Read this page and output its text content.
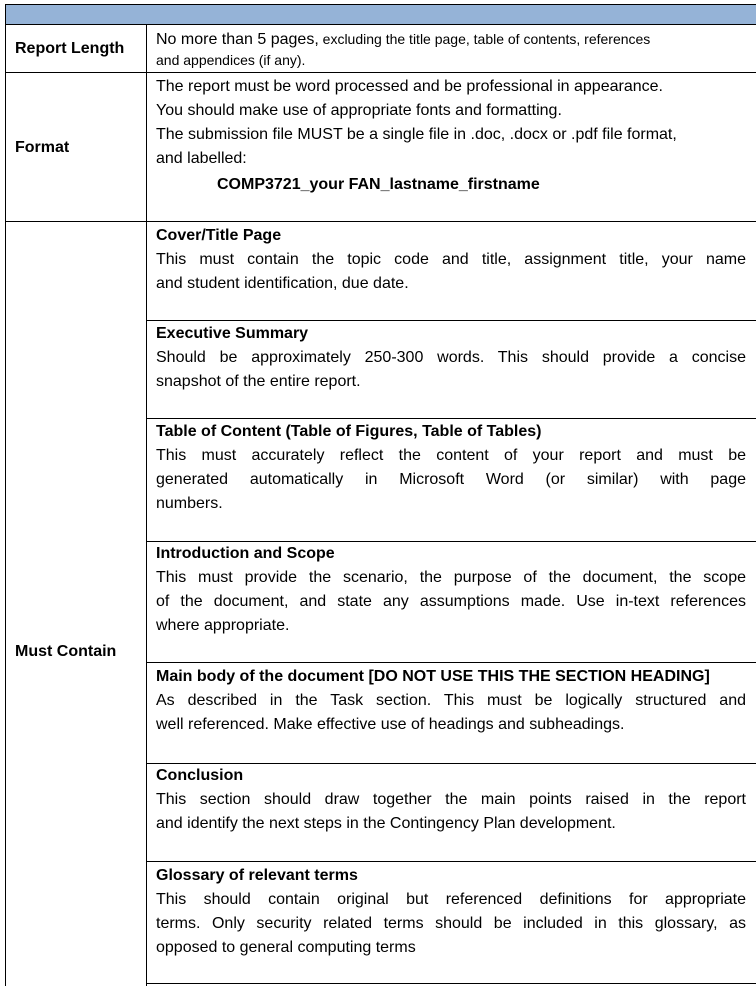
Report Length
No more than 5 pages, excluding the title page, table of contents, references
and appendices (if any).
Format
The report must be word processed and be professional in appearance.
You should make use of appropriate fonts and formatting.
The submission file MUST be a single file in .doc, .docx or .pdf file format,
and labelled:
COMP3721_your FAN_lastname_firstname
Must Contain
Cover/Title Page
This must contain the topic code and title, assignment title, your name
and student identification, due date.
Executive Summary
Should be approximately 250-300 words. This should provide a concise
snapshot of the entire report.
Table of Content (Table of Figures, Table of Tables)
This must accurately reflect the content of your report and must be
generated automatically in Microsoft Word (or similar) with page
numbers.
Introduction and Scope
This must provide the scenario, the purpose of the document, the scope
of the document, and state any assumptions made. Use in-text references
where appropriate.
Main body of the document [DO NOT USE THIS THE SECTION HEADING]
As described in the Task section. This must be logically structured and
well referenced. Make effective use of headings and subheadings.
Conclusion
This section should draw together the main points raised in the report
and identify the next steps in the Contingency Plan development.
Glossary of relevant terms
This should contain original but referenced definitions for appropriate
terms. Only security related terms should be included in this glossary, as
opposed to general computing terms
